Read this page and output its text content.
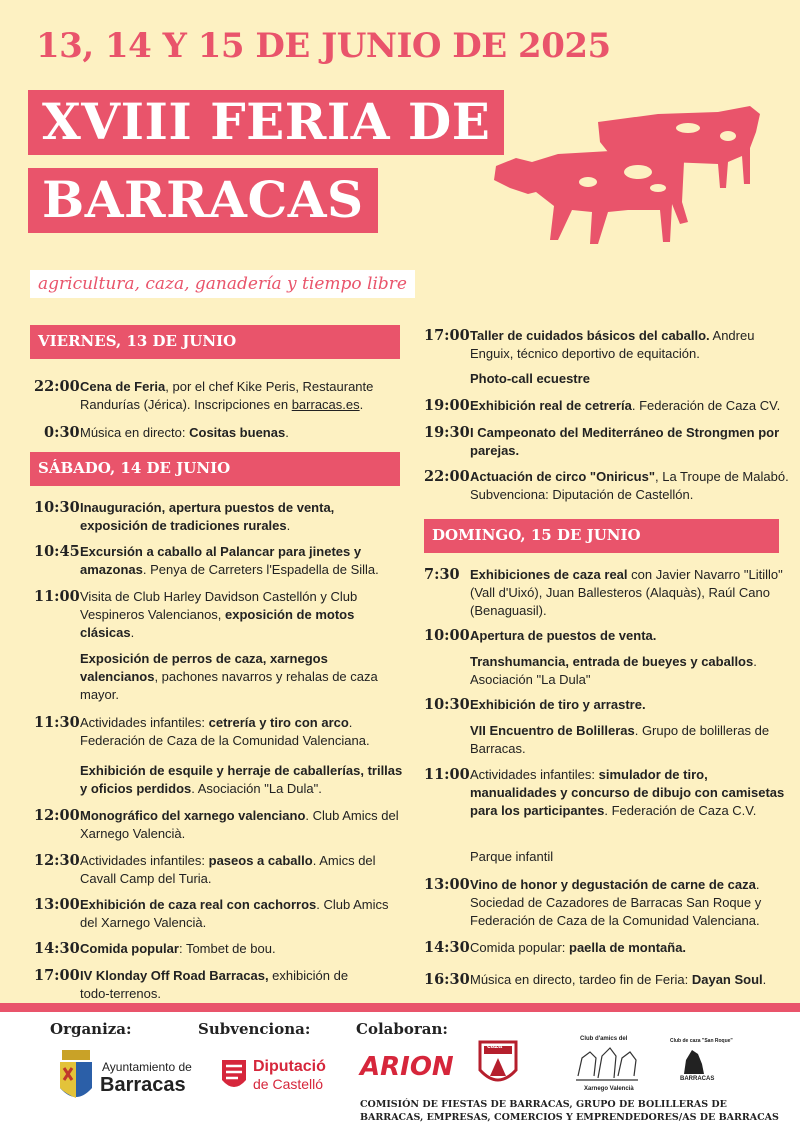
13, 14 Y 15 DE JUNIO DE 2025
XVIII FERIA DE
BARRACAS
agricultura, caza, ganadería y tiempo libre
VIERNES, 13 DE JUNIO
22:00 Cena de Feria, por el chef Kike Peris, Restaurante Randurías (Jérica). Inscripciones en barracas.es.
0:30 Música en directo: Cositas buenas.
SÁBADO, 14 DE JUNIO
10:30 Inauguración, apertura puestos de venta, exposición de tradiciones rurales.
10:45 Excursión a caballo al Palancar para jinetes y amazonas. Penya de Carreters l'Espadella de Silla.
11:00 Visita de Club Harley Davidson Castellón y Club Vespineros Valencianos, exposición de motos clásicas.
Exposición de perros de caza, xarnegos valencianos, pachones navarros y rehalas de caza mayor.
11:30 Actividades infantiles: cetrería y tiro con arco. Federación de Caza de la Comunidad Valenciana.
Exhibición de esquile y herraje de caballerías, trillas y oficios perdidos. Asociación "La Dula".
12:00 Monográfico del xarnego valenciano. Club Amics del Xarnego Valencià.
12:30 Actividades infantiles: paseos a caballo. Amics del Cavall Camp del Turia.
13:00 Exhibición de caza real con cachorros. Club Amics del Xarnego Valencià.
14:30 Comida popular: Tombet de bou.
17:00 IV Klonday Off Road Barracas, exhibición de todo-terrenos.
17:00 Taller de cuidados básicos del caballo. Andreu Enguix, técnico deportivo de equitación.
Photo-call ecuestre
19:00 Exhibición real de cetrería. Federación de Caza CV.
19:30 I Campeonato del Mediterráneo de Strongmen por parejas.
22:00 Actuación de circo "Oniricus", La Troupe de Malabó. Subvenciona: Diputación de Castellón.
DOMINGO, 15 DE JUNIO
7:30 Exhibiciones de caza real con Javier Navarro "Litillo" (Vall d'Uixó), Juan Ballesteros (Alaquàs), Raúl Cano (Benaguasil).
10:00 Apertura de puestos de venta.
Transhumancia, entrada de bueyes y caballos. Asociación "La Dula"
10:30 Exhibición de tiro y arrastre.
VII Encuentro de Bolilleras. Grupo de bolilleras de Barracas.
11:00 Actividades infantiles: simulador de tiro, manualidades y concurso de dibujo con camisetas para los participantes. Federación de Caza C.V.
Parque infantil
13:00 Vino de honor y degustación de carne de caza. Sociedad de Cazadores de Barracas San Roque y Federación de Caza de la Comunidad Valenciana.
14:30 Comida popular: paella de montaña.
16:30 Música en directo, tardeo fin de Feria: Dayan Soul.
Organiza:	Subvenciona:	Colaboran:
Ayuntamiento de
Barracas
Diputació
de Castelló
ARION
caza
Club d'amics del
Xarnego Valencià
Club de caza "San Roque"
BARRACAS
COMISIÓN DE FIESTAS DE BARRACAS, GRUPO DE BOLILLERAS DE BARRACAS, EMPRESAS, COMERCIOS Y EMPRENDEDORES/AS DE BARRACAS
